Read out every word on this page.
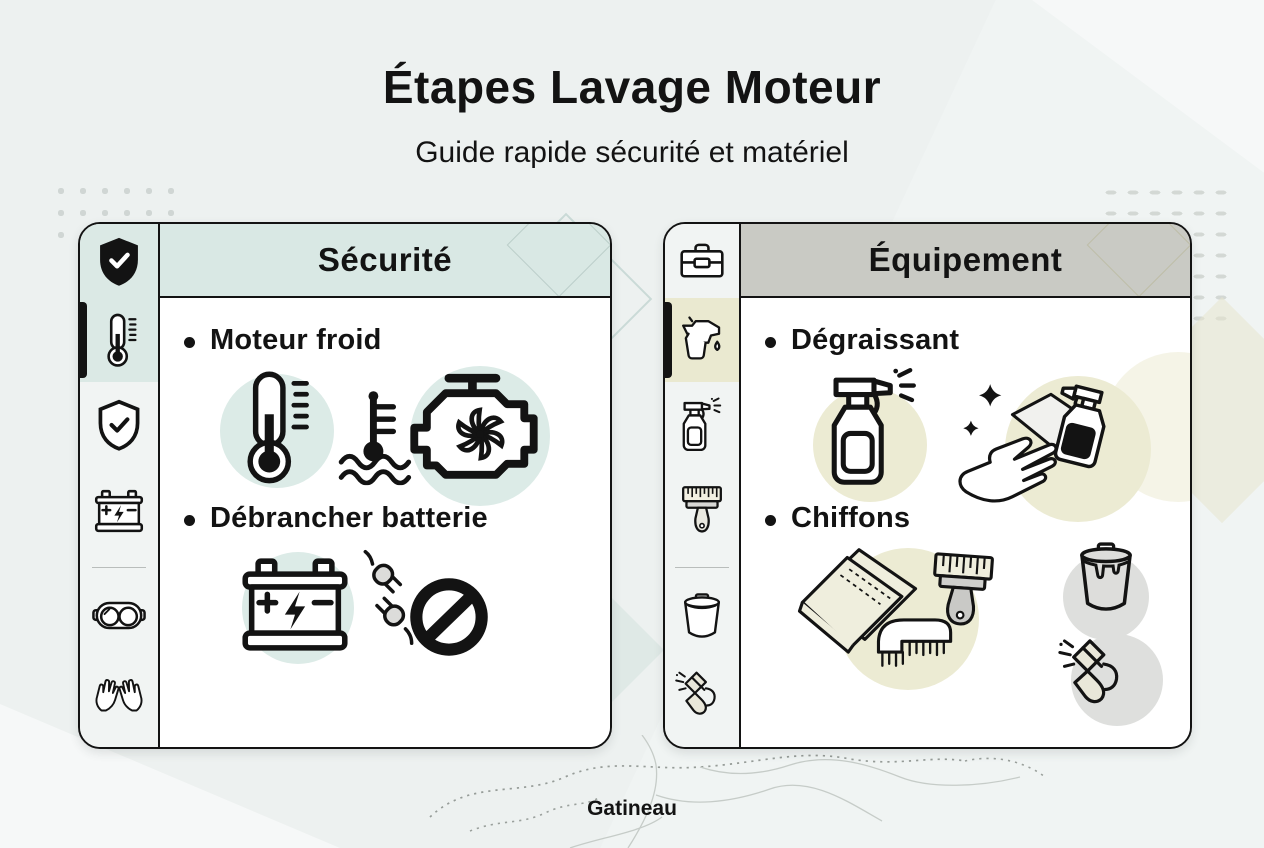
Gatineau
Étapes Lavage Moteur
Guide rapide sécurité et matériel
Sécurité
Moteur froid
Débrancher batterie
Équipement
Dégraissant
Chiffons
